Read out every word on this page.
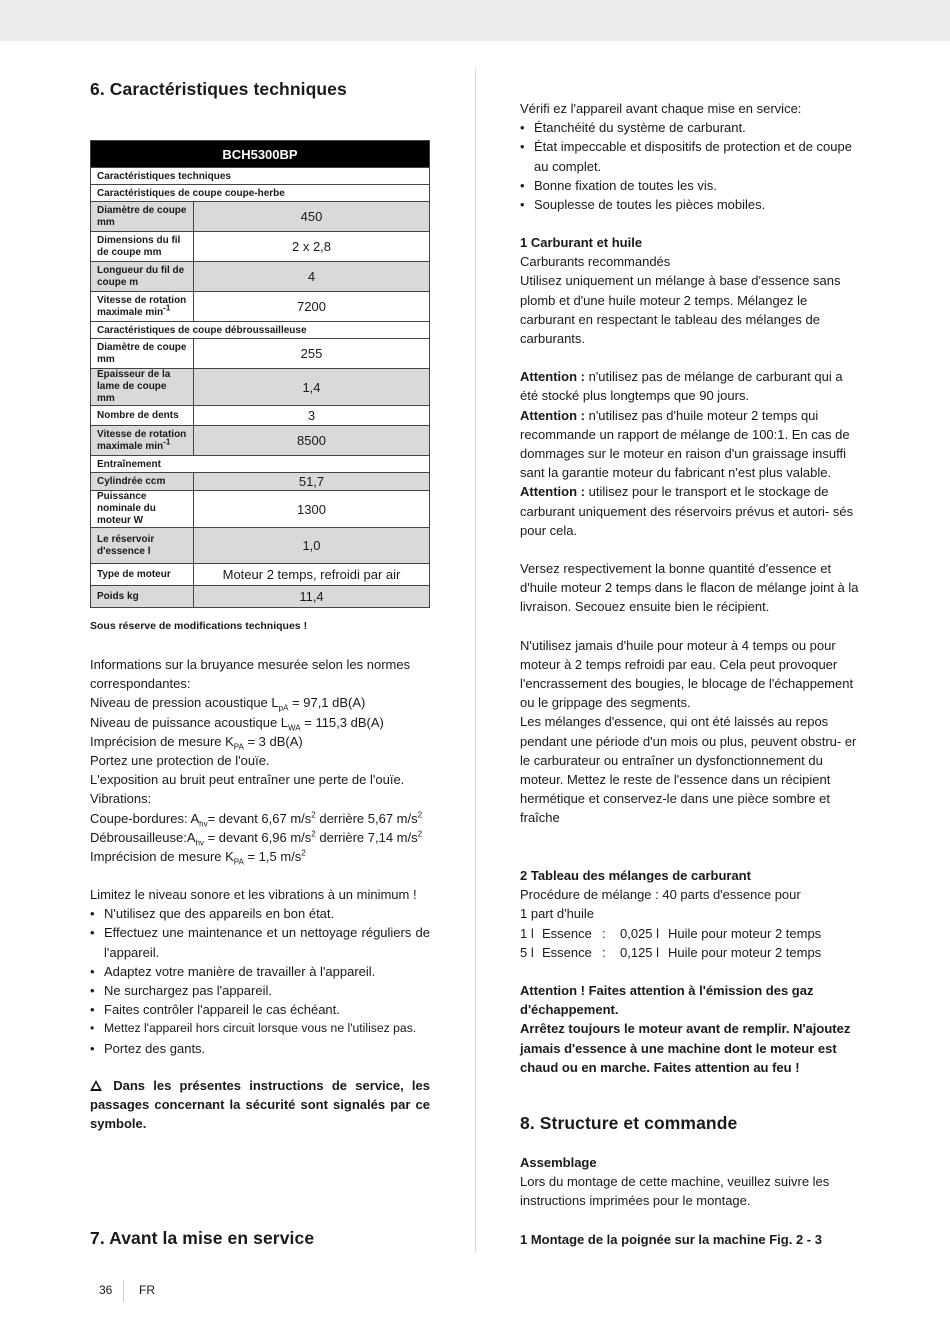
6. Caractéristiques techniques
BCH5300BP	
Caractéristiques techniques	
Caractéristiques de coupe coupe-herbe	
Diamètre de coupe mm	450
Dimensions du fil de coupe mm	2 x 2,8
Longueur du fil de coupe m	4
Vitesse de rotation maximale $\min^{-1}$	7200
Caractéristiques de coupe débroussailleuse	
Diamètre de coupe mm	255
Épaisseur de la lame de coupe mm	1,4
Nombre de dents	3
Vitesse de rotation maximale $\min^{-1}$	8500
Entraînement	
Cylindrée ccm	51,7
Puissance nominale du moteur W	1300
Le réservoir d'essence l	1,0
Type de moteur	Moteur 2 temps, refroidi par air
Poids kg	11,4
Sous réserve de modifications techniques !

Informations sur la bruyance mesurée selon les normes

correspondantes:

Niveau de pression acoustique $L_{pA} = 97,1$ dB(A)

Niveau de puissance acoustique $L_{WA} = 115,3$ dB(A)

Imprécision de mesure $K_{PA} = 3$ dB(A)

Portez une protection de l'ouïe.

L'exposition au bruit peut entraîner une perte de l'ouïe.

Vibrations:

Coupe-bordures: $A_{hv}=$ devant 6,67 $m/s^2$ derrière 5,67 $m/s^2$

$Débrousailleuse:A_{hv}$ = devant 6,96 $m/s^2$ derrière 7,14 $m/s^2$

Imprécision de mesure $K_{PA} = 1,5$ $m/s^2$

Limitez le niveau sonore et les vibrations à un minimum !

• N'utilisez que des appareils en bon état.

• Effectuez une maintenance et un nettoyage réguliers de l'appareil.

• Adaptez votre manière de travailler à l'appareil.

• Ne surchargez pas l'appareil.

• Faites contrôler l'appareil le cas échéant.

• Mettez l'appareil hors circuit lorsque vous ne l'utilisez pas.

• Portez des gants.

Dans les présentes instructions de service, les passages concernant la sécurité sont signalés par ce symbole.
7. Avant la mise en service

Vérifi ez l'appareil avant chaque mise en service:

• Étanchéité du système de carburant.

• État impeccable et dispositifs de protection et de coupe au complet.

• Bonne fixation de toutes les vis.

• Souplesse de toutes les pièces mobiles.

1 Carburant et huile

Carburants recommandés

Utilisez uniquement un mélange à base d'essence sans plomb et d'une huile moteur 2 temps. Mélangez le carburant en respectant le tableau des mélanges de carburants.

Attention : n'utilisez pas de mélange de carburant qui a été stocké plus longtemps que 90 jours.

Attention : n'utilisez pas d'huile moteur 2 temps qui recommande un rapport de mélange de 100:1. En cas de dommages sur le moteur en raison d'un graissage insuffi sant la garantie moteur du fabricant n'est plus valable.

Attention : utilisez pour le transport et le stockage de carburant uniquement des réservoirs prévus et autori- sés pour cela.

Versez respectivement la bonne quantité d'essence et d'huile moteur 2 temps dans le flacon de mélange joint à la livraison. Secouez ensuite bien le récipient.

N'utilisez jamais d'huile pour moteur à 4 temps ou pour moteur à 2 temps refroidi par eau. Cela peut provoquer l'encrassement des bougies, le blocage de l'échappement ou le grippage des segments.

Les mélanges d'essence, qui ont été laissés au repos pendant une période d'un mois ou plus, peuvent obstru- er le carburateur ou entraîner un dysfonctionnement du moteur. Mettez le reste de l'essence dans un récipient hermétique et conservez-le dans une pièce sombre et fraîche

2 Tableau des mélanges de carburant

Procédure de mélange : 40 parts d'essence pour

1 part d'huile

1 l Essence : 0,025 l Huile pour moteur 2 temps

5 l Essence : 0,125 l Huile pour moteur 2 temps

Attention ! Faites attention à l'émission des gaz d'échappement.

Arrêtez toujours le moteur avant de remplir. N'ajoutez jamais d'essence à une machine dont le moteur est chaud ou en marche. Faites attention au feu !

8. Structure et commande

Assemblage

Lors du montage de cette machine, veuillez suivre les instructions imprimées pour le montage.

1 Montage de la poignée sur la machine Fig. 2 - 3

36 FR
